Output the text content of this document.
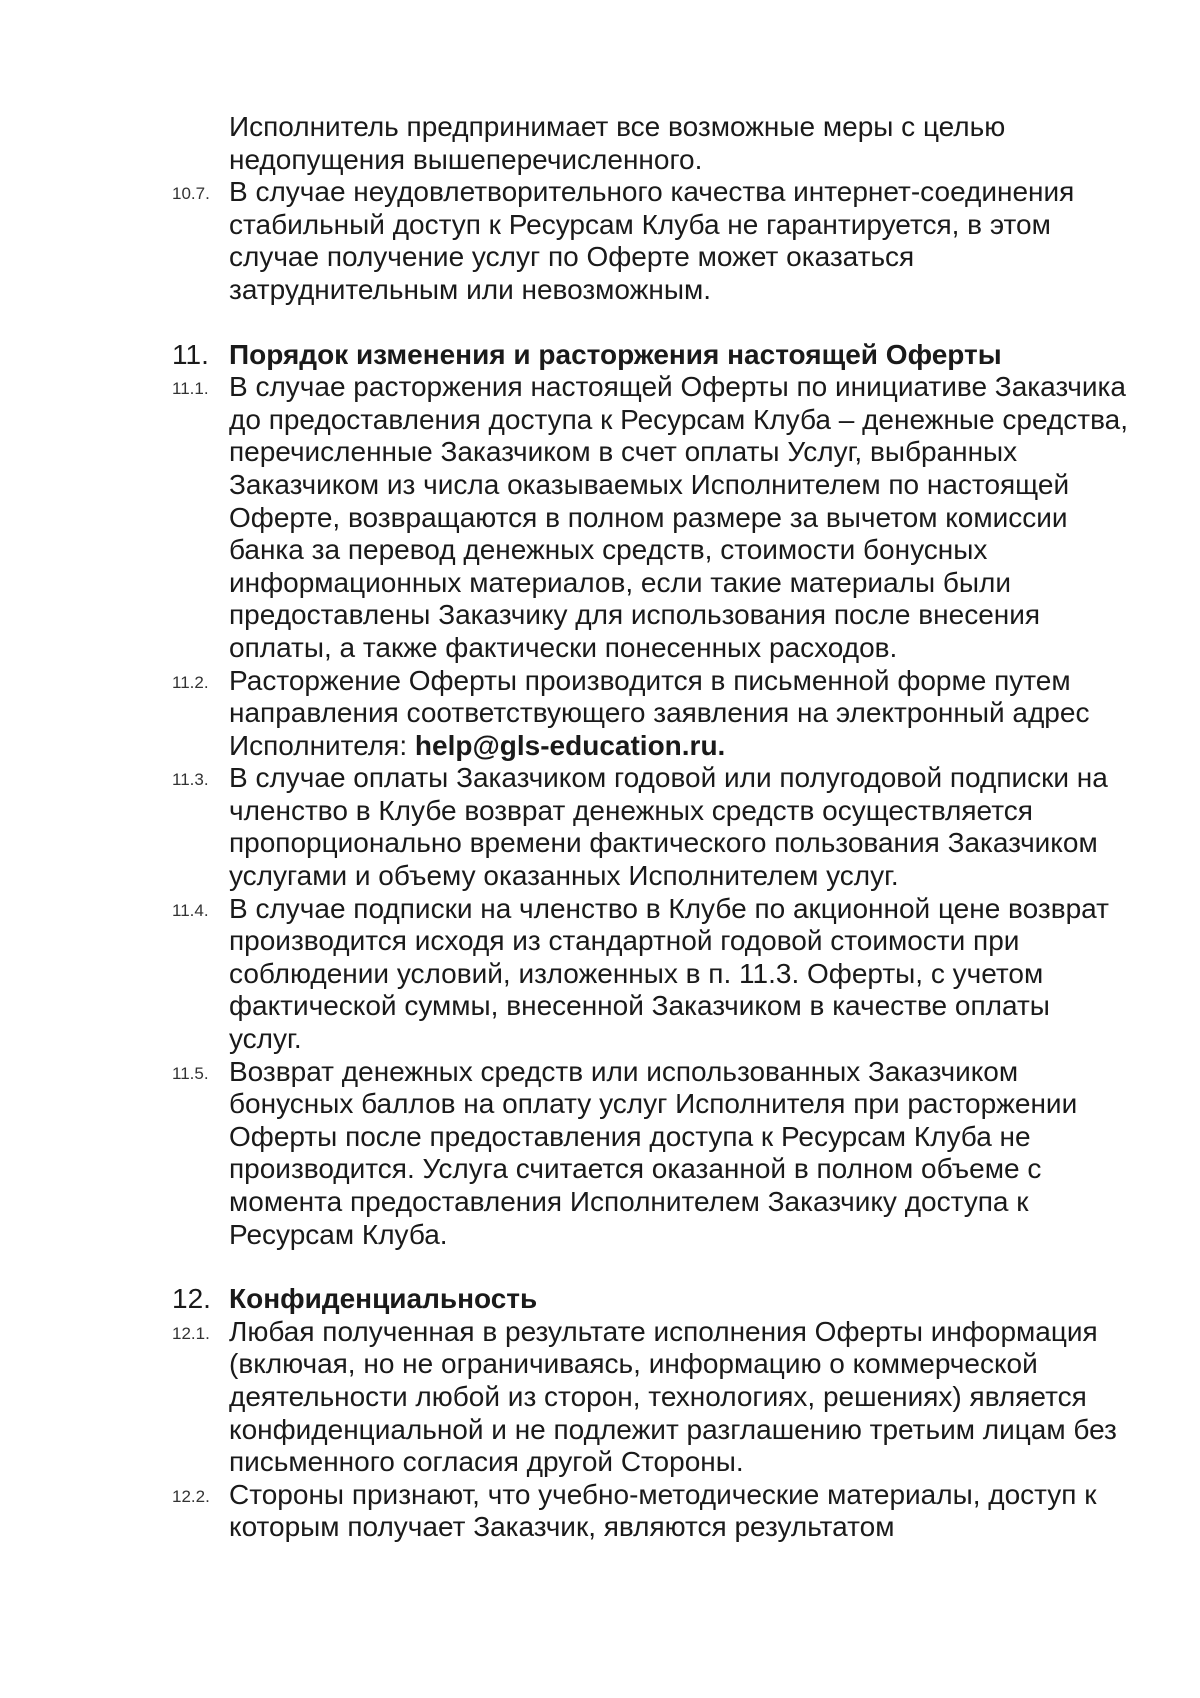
Исполнитель предпринимает все возможные меры с целью недопущения вышеперечисленного.
10.7. В случае неудовлетворительного качества интернет-соединения стабильный доступ к Ресурсам Клуба не гарантируется, в этом случае получение услуг по Оферте может оказаться затруднительным или невозможным.
11. Порядок изменения и расторжения настоящей Оферты
11.1. В случае расторжения настоящей Оферты по инициативе Заказчика до предоставления доступа к Ресурсам Клуба – денежные средства, перечисленные Заказчиком в счет оплаты Услуг, выбранных Заказчиком из числа оказываемых Исполнителем по настоящей Оферте, возвращаются в полном размере за вычетом комиссии банка за перевод денежных средств, стоимости бонусных информационных материалов, если такие материалы были предоставлены Заказчику для использования после внесения оплаты, а также фактически понесенных расходов.
11.2. Расторжение Оферты производится в письменной форме путем направления соответствующего заявления на электронный адрес Исполнителя: help@gls-education.ru.
11.3. В случае оплаты Заказчиком годовой или полугодовой подписки на членство в Клубе возврат денежных средств осуществляется пропорционально времени фактического пользования Заказчиком услугами и объему оказанных Исполнителем услуг.
11.4. В случае подписки на членство в Клубе по акционной цене возврат производится исходя из стандартной годовой стоимости при соблюдении условий, изложенных в п. 11.3. Оферты, с учетом фактической суммы, внесенной Заказчиком в качестве оплаты услуг.
11.5. Возврат денежных средств или использованных Заказчиком бонусных баллов на оплату услуг Исполнителя при расторжении Оферты после предоставления доступа к Ресурсам Клуба не производится. Услуга считается оказанной в полном объеме с момента предоставления Исполнителем Заказчику доступа к Ресурсам Клуба.
12. Конфиденциальность
12.1. Любая полученная в результате исполнения Оферты информация (включая, но не ограничиваясь, информацию о коммерческой деятельности любой из сторон, технологиях, решениях) является конфиденциальной и не подлежит разглашению третьим лицам без письменного согласия другой Стороны.
12.2. Стороны признают, что учебно-методические материалы, доступ к которым получает Заказчик, являются результатом
